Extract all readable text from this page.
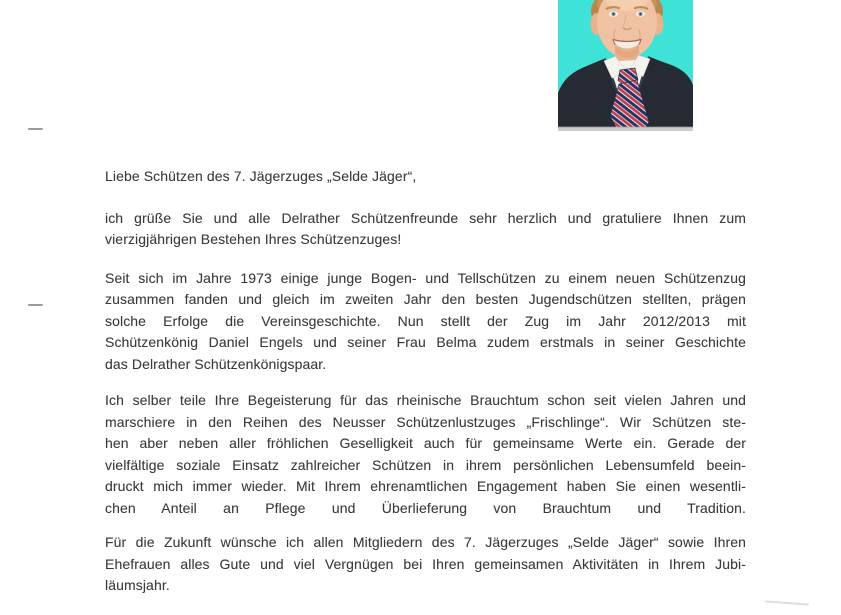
Liebe Schützen des 7. Jägerzuges „Selde Jäger“,
ich grüße Sie und alle Delrather Schützenfreunde sehr herzlich und gratuliere Ihnen zum
vierzigjährigen Bestehen Ihres Schützenzuges!
Seit sich im Jahre 1973 einige junge Bogen- und Tellschützen zu einem neuen Schützenzug
zusammen fanden und gleich im zweiten Jahr den besten Jugendschützen stellten, prägen
solche Erfolge die Vereinsgeschichte. Nun stellt der Zug im Jahr 2012/2013 mit
Schützenkönig Daniel Engels und seiner Frau Belma zudem erstmals in seiner Geschichte
das Delrather Schützenkönigspaar.
Ich selber teile Ihre Begeisterung für das rheinische Brauchtum schon seit vielen Jahren und
marschiere in den Reihen des Neusser Schützenlustzuges „Frischlinge“. Wir Schützen ste-
hen aber neben aller fröhlichen Geselligkeit auch für gemeinsame Werte ein. Gerade der
vielfältige soziale Einsatz zahlreicher Schützen in ihrem persönlichen Lebensumfeld beein-
druckt mich immer wieder. Mit Ihrem ehrenamtlichen Engagement haben Sie einen wesentli-
chen Anteil an Pflege und Überlieferung von Brauchtum und Tradition.
Für die Zukunft wünsche ich allen Mitgliedern des 7. Jägerzuges „Selde Jäger“ sowie Ihren
Ehefrauen alles Gute und viel Vergnügen bei Ihren gemeinsamen Aktivitäten in Ihrem Jubi-
läumsjahr.
